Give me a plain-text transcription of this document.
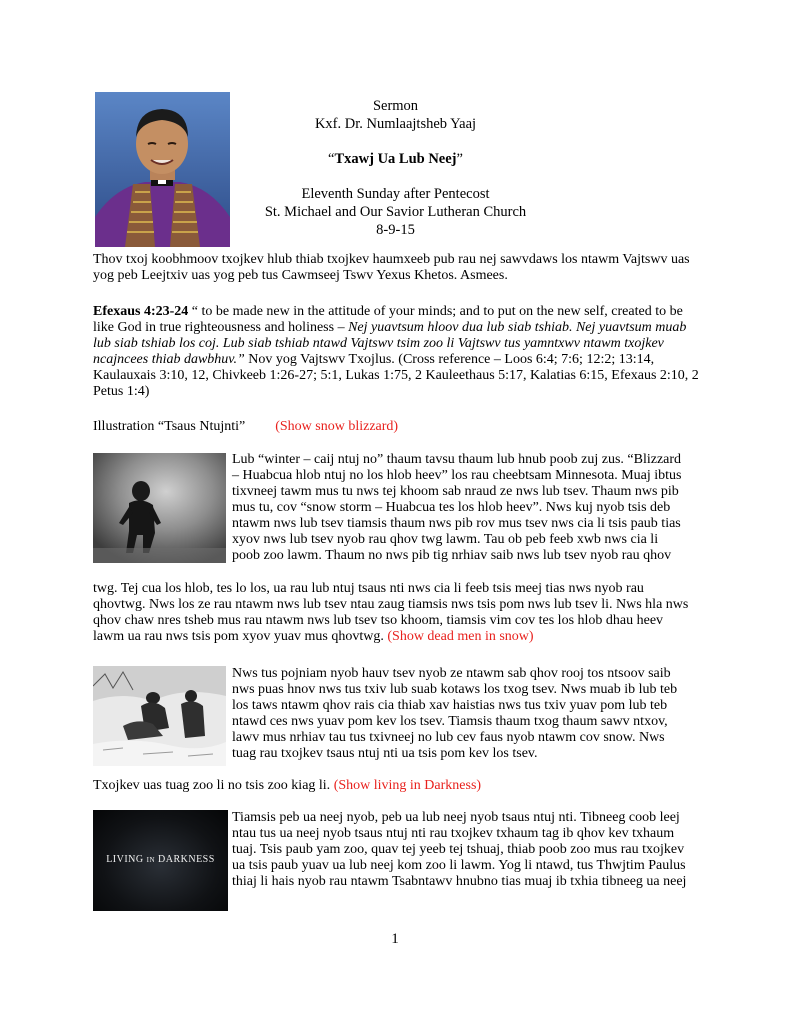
Sermon
Kxf. Dr. Numlaajtsheb Yaaj
“Txawj Ua Lub Neej”
Eleventh Sunday after Pentecost
St. Michael and Our Savior Lutheran Church
8-9-15

Thov txoj koobhmoov txojkev hlub thiab txojkev haumxeeb pub rau nej sawvdaws los ntawm Vajtswv uas yog peb Leejtxiv uas yog peb tus Cawmseej Tswv Yexus Khetos. Asmees.

Efexaus 4:23-24 “ to be made new in the attitude of your minds; and to put on the new self, created to be like God in true righteousness and holiness – Nej yuavtsum hloov dua lub siab tshiab. Nej yuavtsum muab lub siab tshiab los coj. Lub siab tshiab ntawd Vajtswv tsim zoo li Vajtswv tus yamntxwv ntawm txojkev ncajncees thiab dawbhuv.” Nov yog Vajtswv Txojlus. (Cross reference – Loos 6:4; 7:6; 12:2; 13:14, Kaulauxais 3:10, 12, Chivkeeb 1:26-27; 5:1, Lukas 1:75, 2 Kauleethaus 5:17, Kalatias 6:15, Efexaus 2:10, 2 Petus 1:4)

Illustration “Tsaus Ntujnti” (Show snow blizzard)

Lub “winter – caij ntuj no” thaum tavsu thaum lub hnub poob zuj zus. “Blizzard

– Huabcua hlob ntuj no los hlob heev” los rau cheebtsam Minnesota. Muaj ibtus

tixvneej tawm mus tu nws tej khoom sab nraud ze nws lub tsev. Thaum nws pib

mus tu, cov “snow storm – Huabcua tes los hlob heev”. Nws kuj nyob tsis deb

ntawm nws lub tsev tiamsis thaum nws pib rov mus tsev nws cia li tsis paub tias

xyov nws lub tsev nyob rau qhov twg lawm. Tau ob peb feeb xwb nws cia li

poob zoo lawm. Thaum no nws pib tig nrhiav saib nws lub tsev nyob rau qhov

twg. Tej cua los hlob, tes lo los, ua rau lub ntuj tsaus nti nws cia li feeb tsis meej tias nws nyob rau

qhovtwg. Nws los ze rau ntawm nws lub tsev ntau zaug tiamsis nws tsis pom nws lub tsev li. Nws hla nws

qhov chaw nres tsheb mus rau ntawm nws lub tsev tso khoom, tiamsis vim cov tes los hlob dhau heev

lawm ua rau nws tsis pom xyov yuav mus qhovtwg. (Show dead men in snow)

Nws tus pojniam nyob hauv tsev nyob ze ntawm sab qhov rooj tos ntsoov saib

nws puas hnov nws tus txiv lub suab kotaws los txog tsev. Nws muab ib lub teb

los taws ntawm qhov rais cia thiab xav haistias nws tus txiv yuav pom lub teb

ntawd ces nws yuav pom kev los tsev. Tiamsis thaum txog thaum sawv ntxov,

lawv mus nrhiav tau tus txivneej no lub cev faus nyob ntawm cov snow. Nws

tuag rau txojkev tsaus ntuj nti ua tsis pom kev los tsev.

Txojkev uas tuag zoo li no tsis zoo kiag li. (Show living in Darkness)

LIVING IN DARKNESS

Tiamsis peb ua neej nyob, peb ua lub neej nyob tsaus ntuj nti. Tibneeg coob leej

ntau tus ua neej nyob tsaus ntuj nti rau txojkev txhaum tag ib qhov kev txhaum

tuaj. Tsis paub yam zoo, quav tej yeeb tej tshuaj, thiab poob zoo mus rau txojkev

ua tsis paub yuav ua lub neej kom zoo li lawm. Yog li ntawd, tus Thwjtim Paulus

thiaj li hais nyob rau ntawm Tsabntawv hnubno tias muaj ib txhia tibneeg ua neej

1
